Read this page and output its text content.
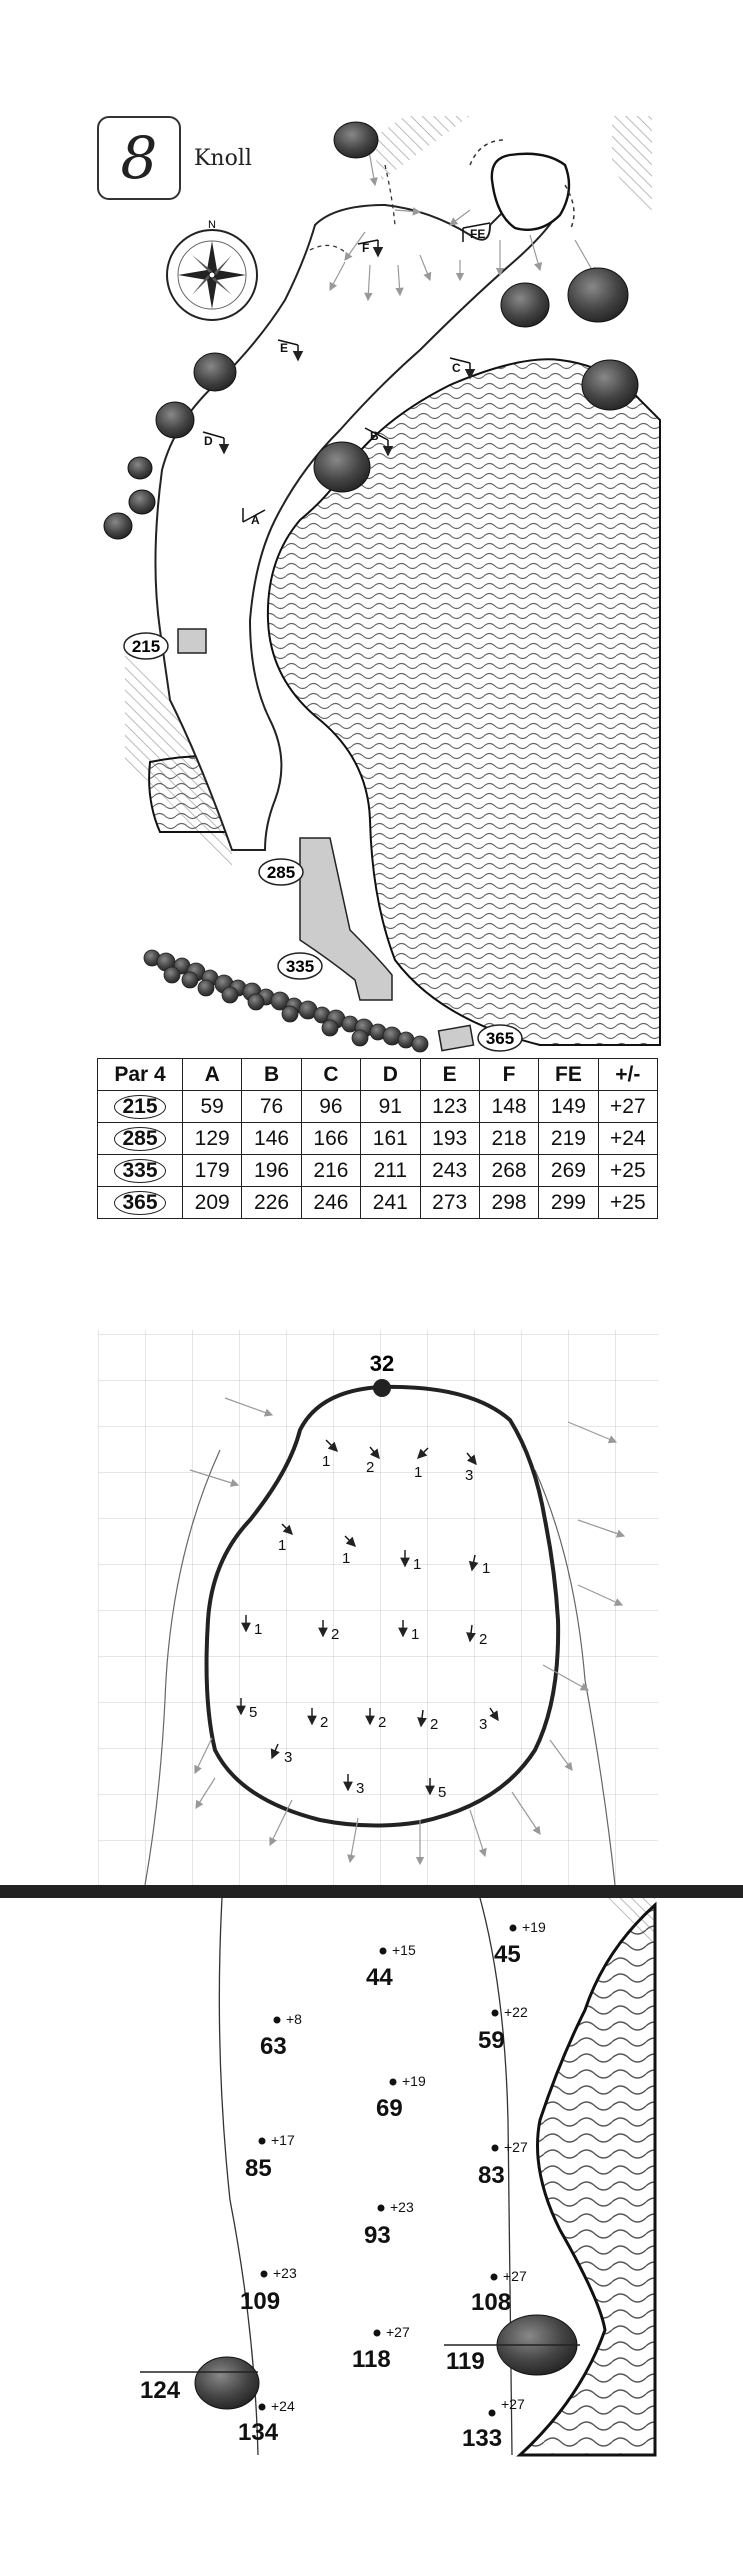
215
285
335
365
A
B
C
D
E
F
FE
N
32
1 2	1	3
1
1	1	1
1	2	1	2
5
2	2	2
3
3
3	5
+19
45
+15
44
+8
63
+22
59
+19
69
+17
85
+27
83
+23
93
+23
109
+27
108
+27
118 119
124
+24
134
+27
133
8 Knoll
Par 4	A	B	C	D	E	F	FE	+/-
215	59	76	96	91	123	148	149	+27
285	129	146	166	161	193	218	219	+24
335	179	196	216	211	243	268	269	+25
365	209	226	246	241	273	298	299	+25
